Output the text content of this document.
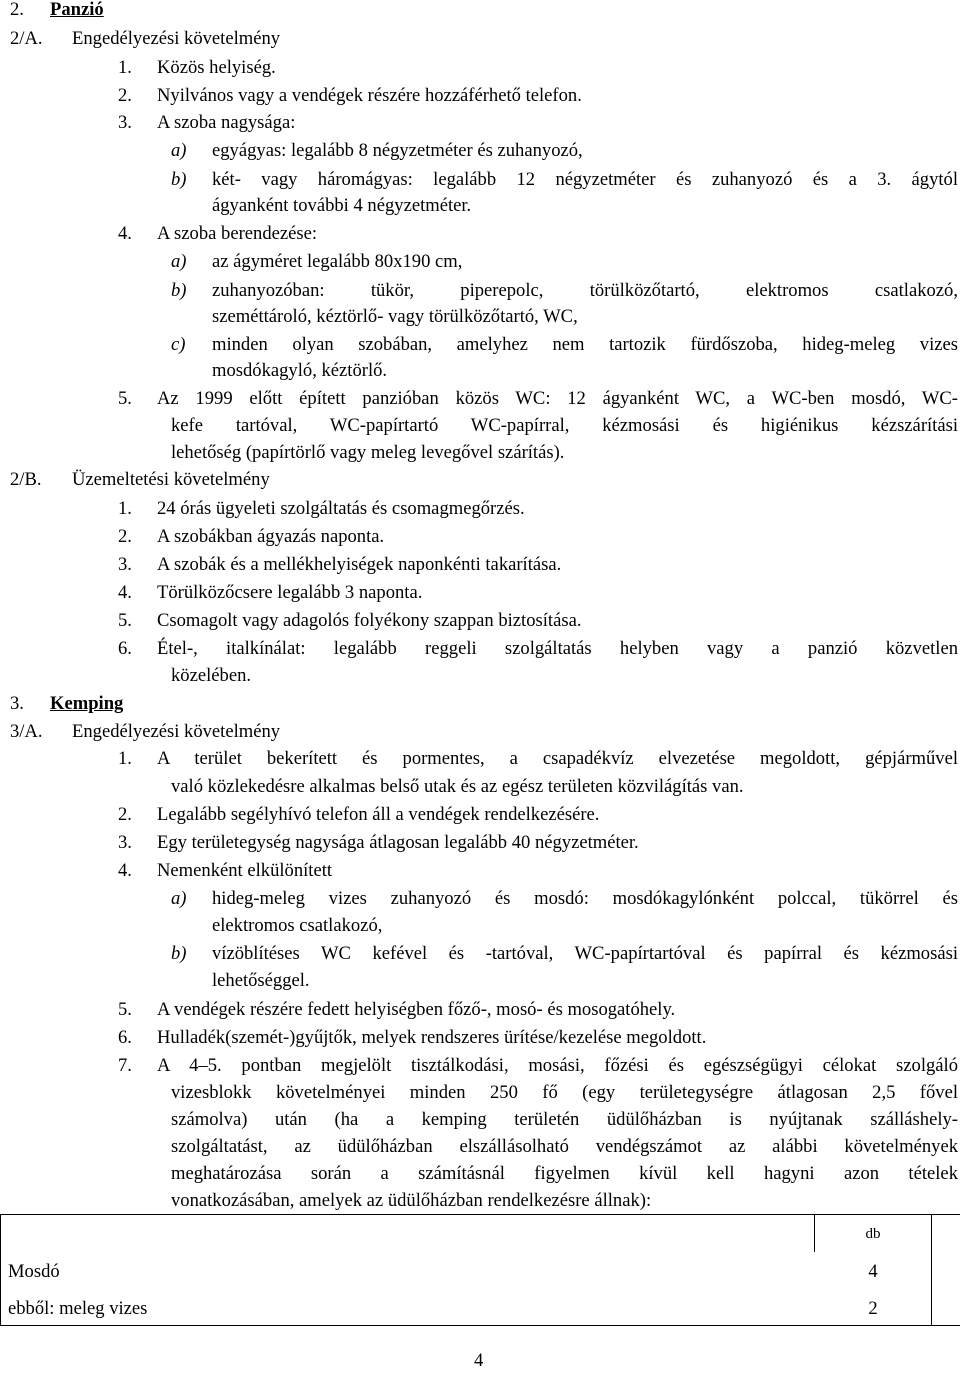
2. Panzió
2/A. Engedélyezési követelmény
1. Közös helyiség.
2. Nyilvános vagy a vendégek részére hozzáférhető telefon.
3. A szoba nagysága:
a) egyágyas: legalább 8 négyzetméter és zuhanyozó,
b) két- vagy háromágyas: legalább 12 négyzetméter és zuhanyozó és a 3. ágytól
ágyanként további 4 négyzetméter.
4. A szoba berendezése:
a) az ágyméret legalább 80x190 cm,
b) zuhanyozóban: tükör, piperepolc, törülközőtartó, elektromos csatlakozó,
szeméttároló, kéztörlő- vagy törülközőtartó, WC,
c) minden olyan szobában, amelyhez nem tartozik fürdőszoba, hideg-meleg vizes
mosdókagyló, kéztörlő.
5. Az 1999 előtt épített panzióban közös WC: 12 ágyanként WC, a WC-ben mosdó, WC-
kefe tartóval, WC-papírtartó WC-papírral, kézmosási és higiénikus kézszárítási
lehetőség (papírtörlő vagy meleg levegővel szárítás).
2/B. Üzemeltetési követelmény
1. 24 órás ügyeleti szolgáltatás és csomagmegőrzés.
2. A szobákban ágyazás naponta.
3. A szobák és a mellékhelyiségek naponkénti takarítása.
4. Törülközőcsere legalább 3 naponta.
5. Csomagolt vagy adagolós folyékony szappan biztosítása.
6. Étel-, italkínálat: legalább reggeli szolgáltatás helyben vagy a panzió közvetlen
közelében.
3. Kemping
3/A. Engedélyezési követelmény
1. A terület bekerített és pormentes, a csapadékvíz elvezetése megoldott, gépjárművel
való közlekedésre alkalmas belső utak és az egész területen közvilágítás van.
2. Legalább segélyhívó telefon áll a vendégek rendelkezésére.
3. Egy területegység nagysága átlagosan legalább 40 négyzetméter.
4. Nemenként elkülönített
a) hideg-meleg vizes zuhanyozó és mosdó: mosdókagylónként polccal, tükörrel és
elektromos csatlakozó,
b) vízöblítéses WC kefével és -tartóval, WC-papírtartóval és papírral és kézmosási
lehetőséggel.
5. A vendégek részére fedett helyiségben főző-, mosó- és mosogatóhely.
6. Hulladék(szemét-)gyűjtők, melyek rendszeres ürítése/kezelése megoldott.
7. A 4–5. pontban megjelölt tisztálkodási, mosási, főzési és egészségügyi célokat szolgáló
vizesblokk követelményei minden 250 fő (egy területegységre átlagosan 2,5 fővel
számolva) után (ha a kemping területén üdülőházban is nyújtanak szálláshely-
szolgáltatást, az üdülőházban elszállásolható vendégszámot az alábbi követelmények
meghatározása során a számításnál figyelmen kívül kell hagyni azon tételek
vonatkozásában, amelyek az üdülőházban rendelkezésre állnak):
db
Mosdó	4
ebből: meleg vizes	2
4
